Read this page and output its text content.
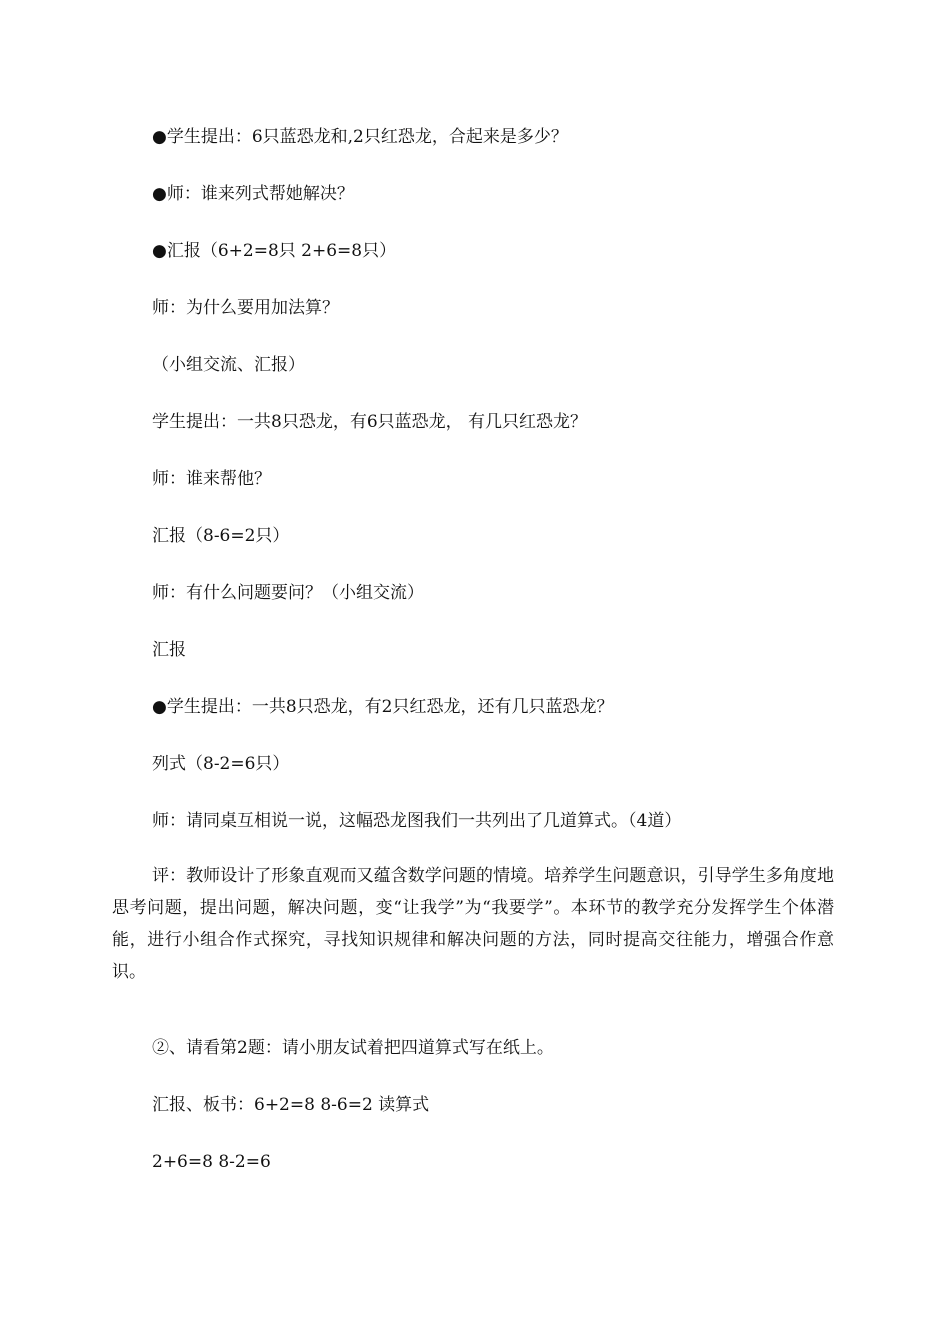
●学生提出：6只蓝恐龙和,2只红恐龙，合起来是多少？
●师：谁来列式帮她解决？
●汇报（6+2=8只 2+6=8只）
师：为什么要用加法算？
（小组交流、汇报）
学生提出：一共8只恐龙，有6只蓝恐龙， 有几只红恐龙？
师：谁来帮他？
汇报（8-6=2只）
师：有什么问题要问？（小组交流）
汇报
●学生提出：一共8只恐龙，有2只红恐龙，还有几只蓝恐龙？
列式（8-2=6只）
师：请同桌互相说一说，这幅恐龙图我们一共列出了几道算式。（4道）
评：教师设计了形象直观而又蕴含数学问题的情境。培养学生问题意识，引导学生多角度地思考问题，提出问题，解决问题，变“让我学”为“我要学”。本环节的教学充分发挥学生个体潜能，进行小组合作式探究，寻找知识规律和解决问题的方法，同时提高交往能力，增强合作意识。
②、请看第2题：请小朋友试着把四道算式写在纸上。
汇报、板书：6+2=8 8-6=2 读算式
2+6=8 8-2=6
